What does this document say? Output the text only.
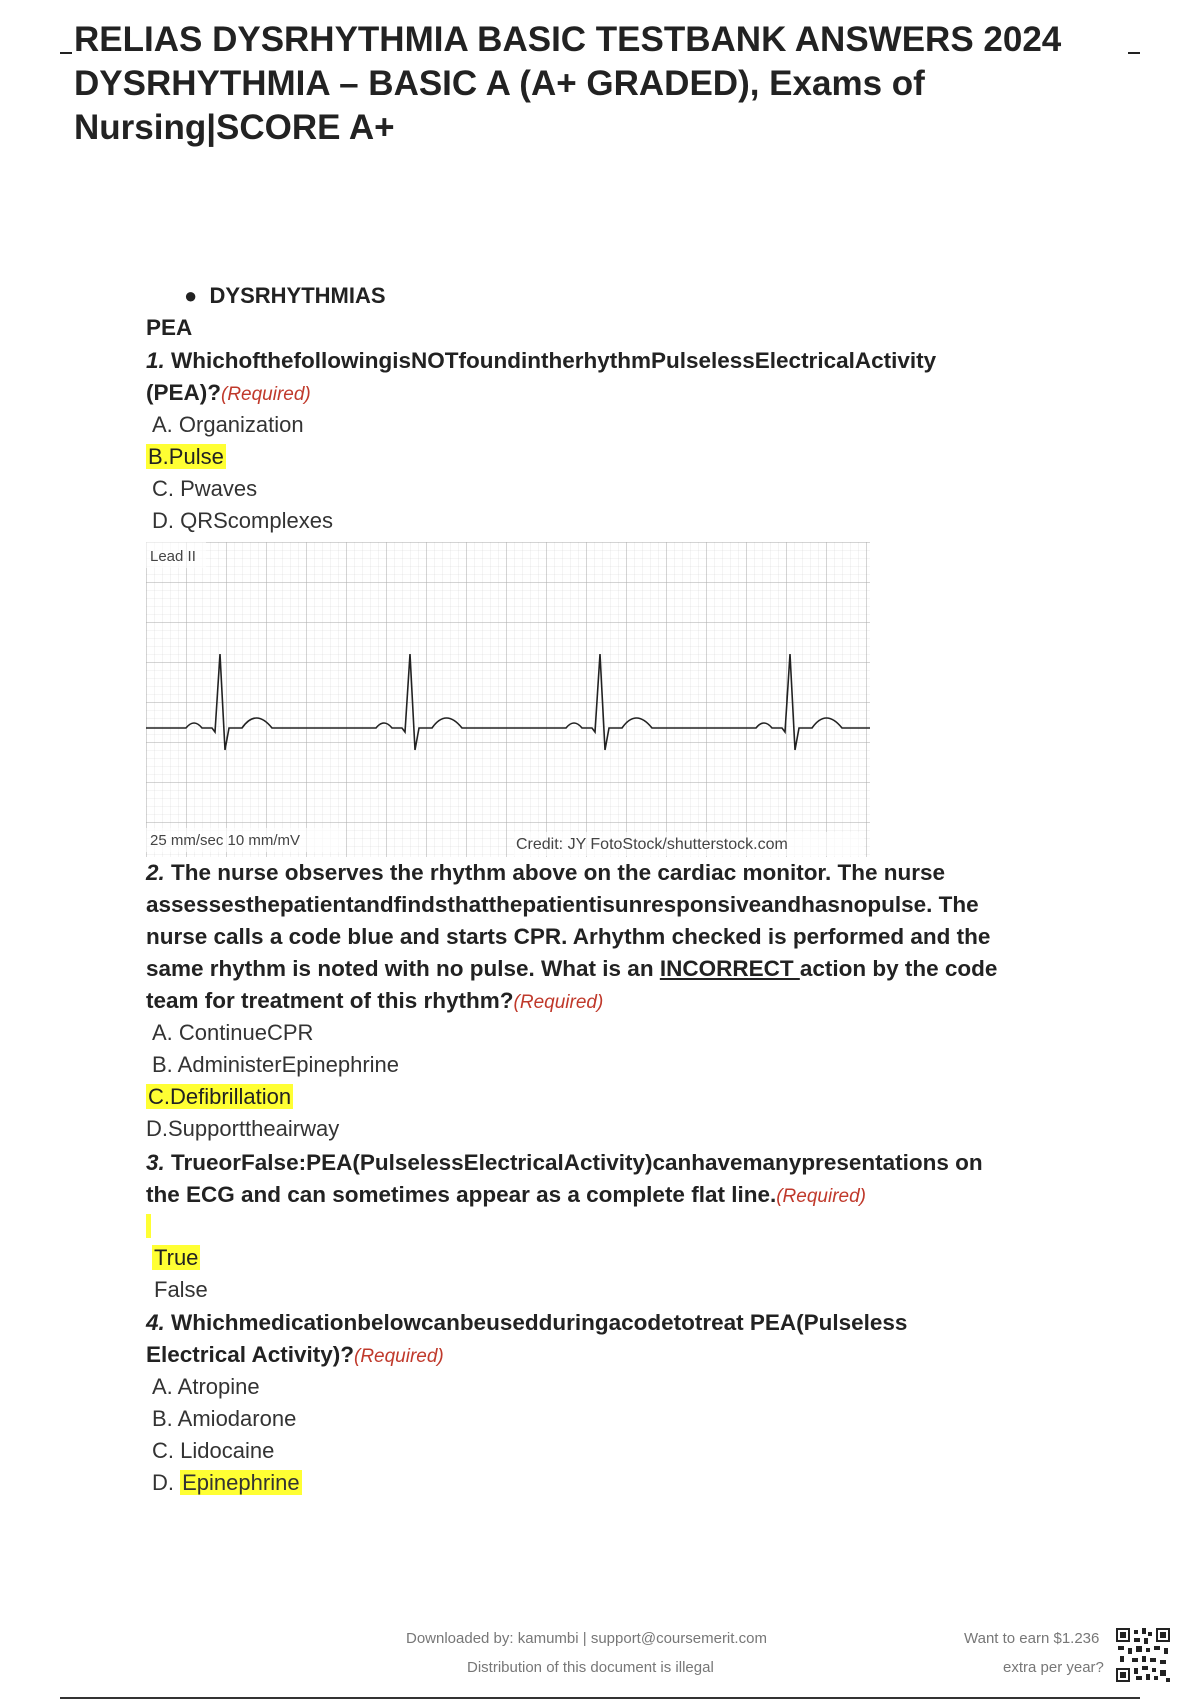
RELIAS DYSRHYTHMIA BASIC TESTBANK ANSWERS 2024
DYSRHYTHMIA – BASIC A (A+ GRADED), Exams of
Nursing|SCORE A+
● DYSRHYTHMIAS
PEA
1. WhichofthefollowingisNOTfoundintherhythmPulselessElectricalActivity
(PEA)?(Required)
A. Organization
B.Pulse
C. Pwaves
D. QRScomplexes
2. The nurse observes the rhythm above on the cardiac monitor. The nurse
assessesthepatientandfindsthatthepatientisunresponsiveandhasnopulse. The
nurse calls a code blue and starts CPR. Arhythm checked is performed and the
same rhythm is noted with no pulse. What is an INCORRECT action by the code
team for treatment of this rhythm?(Required)
A. ContinueCPR
B. AdministerEpinephrine
C.Defibrillation
D.Supporttheairway
3. TrueorFalse:PEA(PulselessElectricalActivity)canhavemanypresentations on
the ECG and can sometimes appear as a complete flat line.(Required)
True
False
4. Whichmedicationbelowcanbeusedduringacodetotreat PEA(Pulseless
Electrical Activity)?(Required)
A. Atropine
B. Amiodarone
C. Lidocaine
D. Epinephrine
Lead II
25 mm/sec 10 mm/mV	Credit: JY FotoStock/shutterstock.com
Downloaded by: kamumbi | support@coursemerit.com
Distribution of this document is illegal
Want to earn $1.236
extra per year?
